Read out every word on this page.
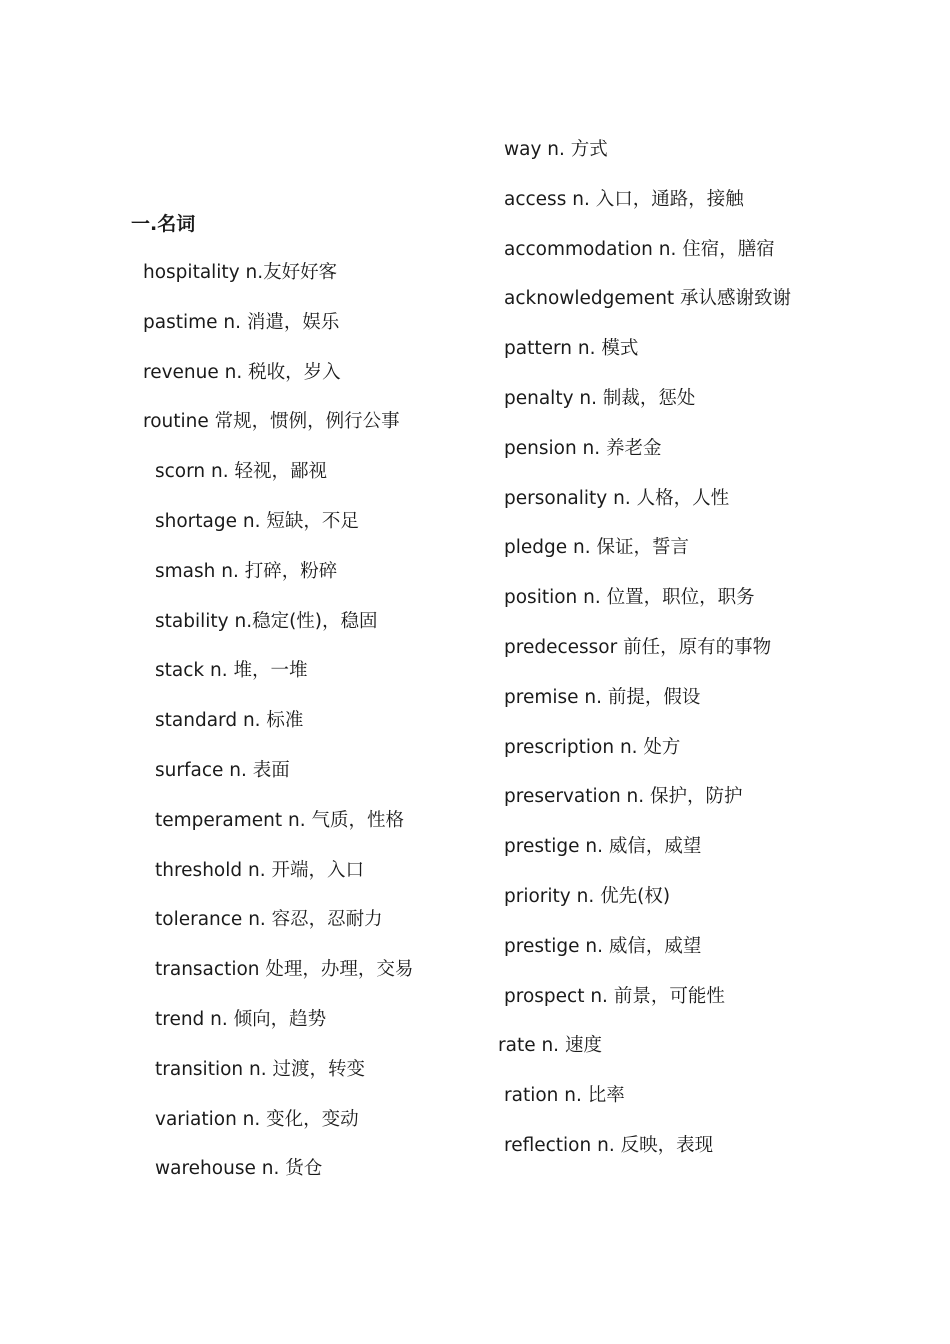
一.名词
hospitality n.友好好客
pastime n. 消遣，娱乐
revenue n. 税收，岁入
routine 常规，惯例，例行公事
scorn n. 轻视，鄙视
shortage n. 短缺，不足
smash n. 打碎，粉碎
stability n.稳定(性)，稳固
stack n. 堆，一堆
standard n. 标准
surface n. 表面
temperament n. 气质，性格
threshold n. 开端，入口
tolerance n. 容忍，忍耐力
transaction 处理，办理，交易
trend n. 倾向，趋势
transition n. 过渡，转变
variation n. 变化，变动
warehouse n. 货仓
way n. 方式
access n. 入口，通路，接触
accommodation n. 住宿，膳宿
acknowledgement 承认感谢致谢
pattern n. 模式
penalty n. 制裁，惩处
pension n. 养老金
personality n. 人格，人性
pledge n. 保证，誓言
position n. 位置，职位，职务
predecessor 前任，原有的事物
premise n. 前提，假设
prescription n. 处方
preservation n. 保护，防护
prestige n. 威信，威望
priority n. 优先(权)
prestige n. 威信，威望
prospect n. 前景，可能性
rate n. 速度
ration n. 比率
reflection n. 反映，表现
